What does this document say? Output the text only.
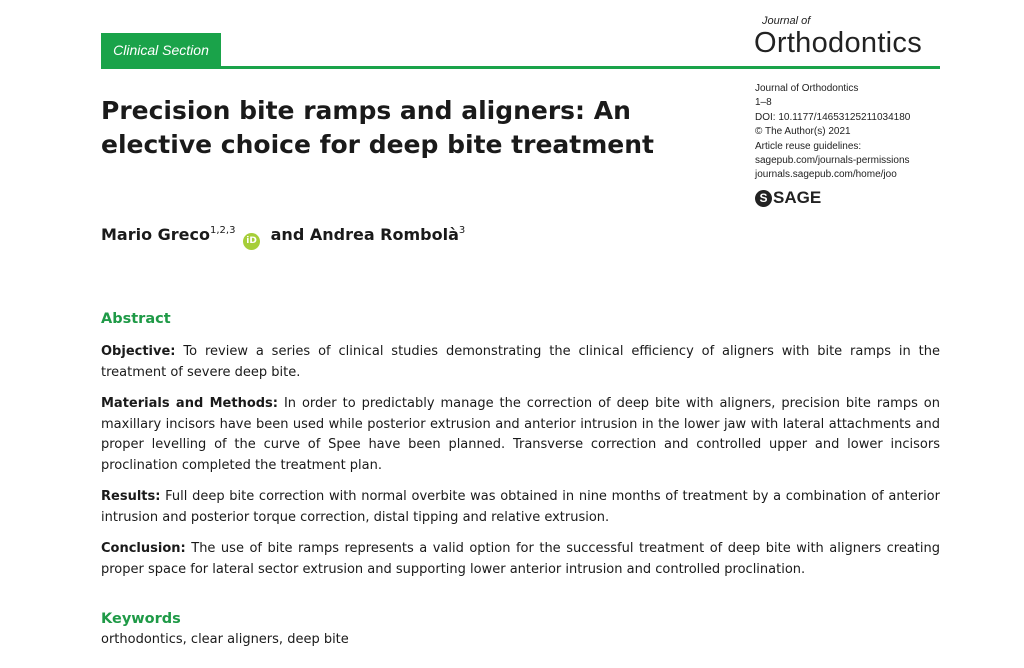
Clinical Section
Journal of
Orthodontics
Journal of Orthodontics
1–8
DOI: 10.1177/14653125211034180
© The Author(s) 2021
Article reuse guidelines:
sagepub.com/journals-permissions
journals.sagepub.com/home/joo
S SAGE
Precision bite ramps and aligners: An elective choice for deep bite treatment
Mario Greco$^{1,2,3}$ iD and Andrea Rombolà$^3$
Abstract

Objective: To review a series of clinical studies demonstrating the clinical efficiency of aligners with bite ramps in the treatment of severe deep bite.

Materials and Methods: In order to predictably manage the correction of deep bite with aligners, precision bite ramps on maxillary incisors have been used while posterior extrusion and anterior intrusion in the lower jaw with lateral attachments and proper levelling of the curve of Spee have been planned. Transverse correction and controlled upper and lower incisors proclination completed the treatment plan.

Results: Full deep bite correction with normal overbite was obtained in nine months of treatment by a combination of anterior intrusion and posterior torque correction, distal tipping and relative extrusion.

Conclusion: The use of bite ramps represents a valid option for the successful treatment of deep bite with aligners creating proper space for lateral sector extrusion and supporting lower anterior intrusion and controlled proclination.

Keywords
orthodontics, clear aligners, deep bite
